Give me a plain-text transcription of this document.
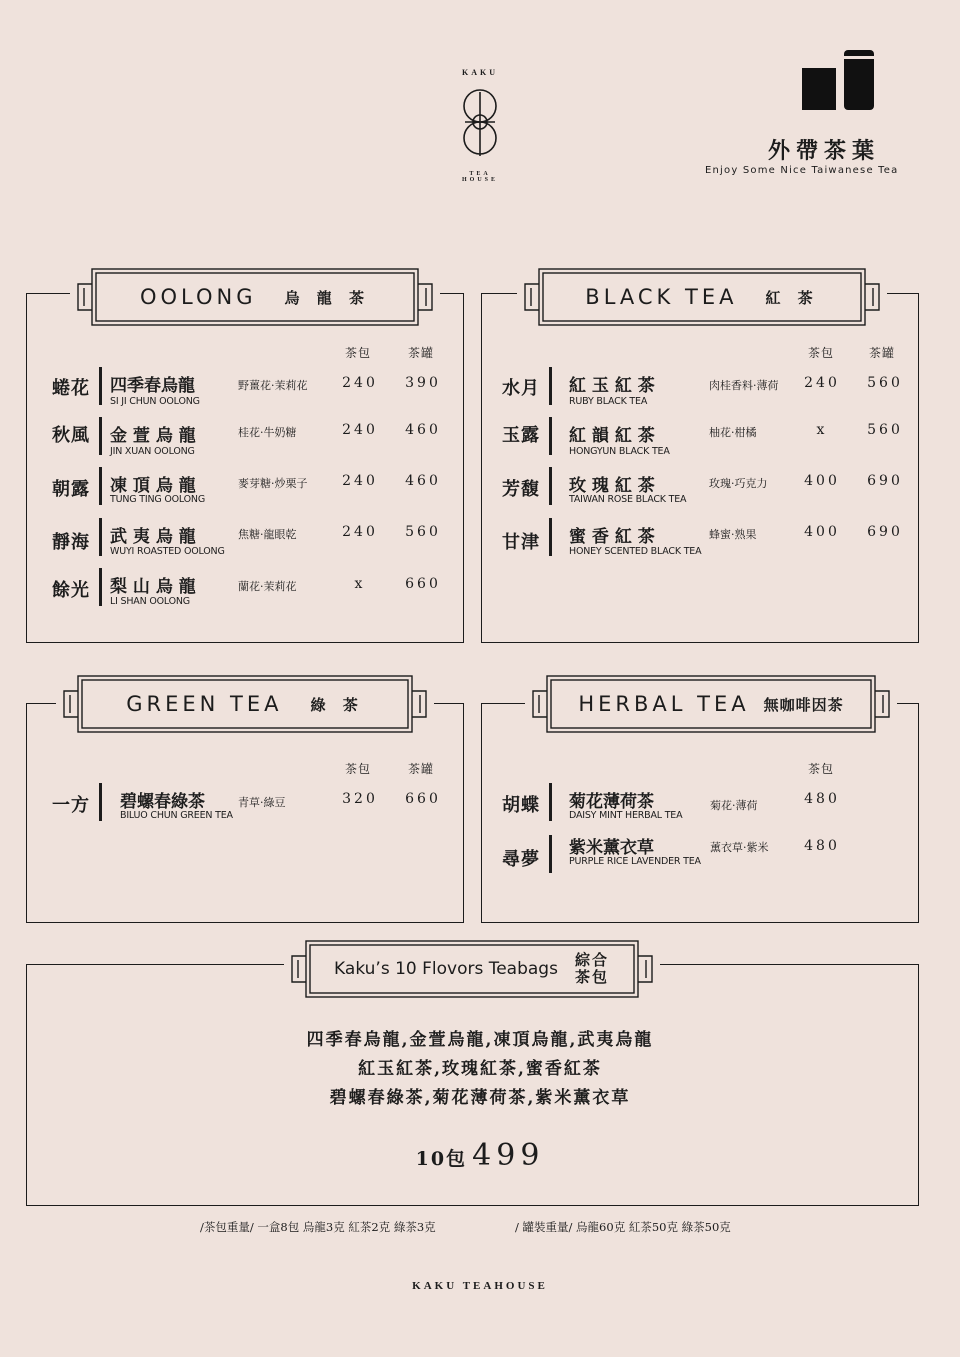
KAKU
TEA HOUSE
外帶茶葉
Enjoy Some Nice Taiwanese Tea
OOLONG 烏 龍 茶
茶包	茶罐
蜷花 四季春烏龍
SI JI CHUN OOLONG
野薑花·茉莉花	240	390
秋風 金 萱 烏 龍
JIN XUAN OOLONG
桂花·牛奶糖	240	460
朝露 凍 頂 烏 龍
TUNG TING OOLONG
麥芽糖·炒栗子	240	460
靜海 武 夷 烏 龍
WUYI ROASTED OOLONG
焦糖·龍眼乾	240	560
餘光 梨 山 烏 龍
LI SHAN OOLONG
蘭花·茉莉花	x	660
BLACK TEA 紅 茶
茶包	茶罐
水月 紅 玉 紅 茶
RUBY BLACK TEA
肉桂香料·薄荷	240	560
玉露 紅 韻 紅 茶
HONGYUN BLACK TEA
柚花·柑橘	x	560
芳馥 玫 瑰 紅 茶
TAIWAN ROSE BLACK TEA
玫瑰·巧克力	400	690
甘津 蜜 香 紅 茶
HONEY SCENTED BLACK TEA
蜂蜜·熟果	400	690
GREEN TEA 綠 茶
茶包	茶罐
一方 碧螺春綠茶
BILUO CHUN GREEN TEA
青草·綠豆	320	660
HERBAL TEA 無咖啡因茶
茶包
胡蝶 菊花薄荷茶
DAISY MINT HERBAL TEA
菊花·薄荷	480
尋夢
紫米薰衣草
PURPLE RICE LAVENDER TEA
薰衣草·紫米	480
Kaku’s 10 Flovors Teabags 綜合
茶包
四季春烏龍,金萱烏龍,凍頂烏龍,武夷烏龍
紅玉紅茶,玫瑰紅茶,蜜香紅茶
碧螺春綠茶,菊花薄荷茶,紫米薰衣草
10包 499
/茶包重量/ 一盒8包 烏龍3克 紅茶2克 綠茶3克	/ 罐裝重量/ 烏龍60克 紅茶50克 綠茶50克
KAKU TEAHOUSE
